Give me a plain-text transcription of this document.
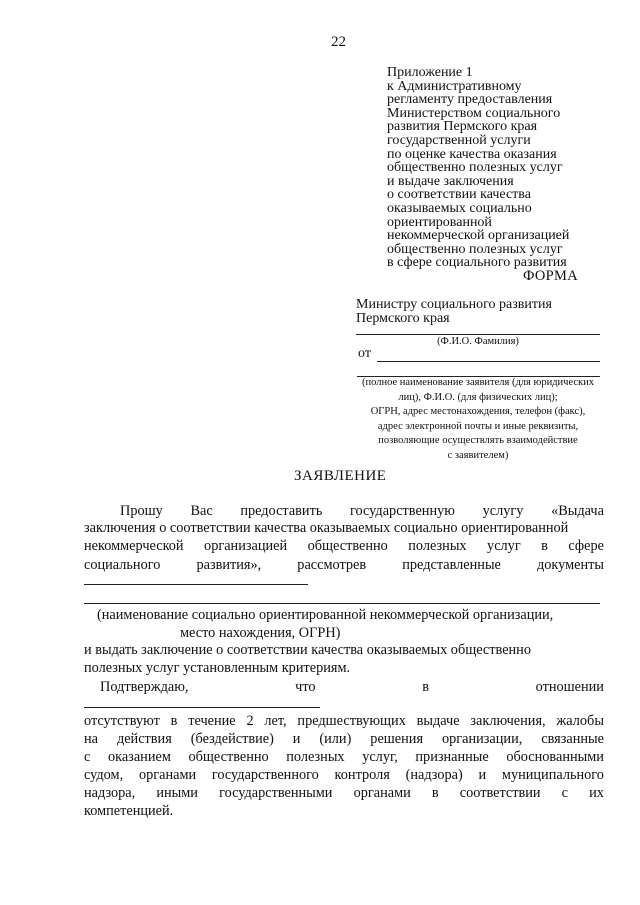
22
Приложение 1
к Административному
регламенту предоставления
Министерством социального
развития Пермского края
государственной услуги
по оценке качества оказания
общественно полезных услуг
и выдаче заключения
о соответствии качества
оказываемых социально
ориентированной
некоммерческой организацией
общественно полезных услуг
в сфере социального развития
ФОРМА
Министру социального развития
Пермского края
(Ф.И.О. Фамилия)
от
(полное наименование заявителя (для юридических
лиц), Ф.И.О. (для физических лиц);
ОГРН, адрес местонахождения, телефон (факс),
адрес электронной почты и иные реквизиты,
позволяющие осуществлять взаимодействие
с заявителем)
ЗАЯВЛЕНИЕ
Прошу Вас предоставить государственную услугу «Выдача
заключения о соответствии качества оказываемых социально ориентированной
некоммерческой организацией общественно полезных услуг в сфере
социального	развития»,	рассмотрев	представленные	документы
(наименование социально ориентированной некоммерческой организации,
место нахождения, ОГРН)
и выдать заключение о соответствии качества оказываемых общественно
полезных услуг установленным критериям.
Подтверждаю,	что	в	отношении
отсутствуют в течение 2 лет, предшествующих выдаче заключения, жалобы
на действия (бездействие) и (или) решения организации, связанные
с оказанием общественно полезных услуг, признанные обоснованными
судом, органами государственного контроля (надзора) и муниципального
надзора, иными государственными органами в соответствии с их
компетенцией.
